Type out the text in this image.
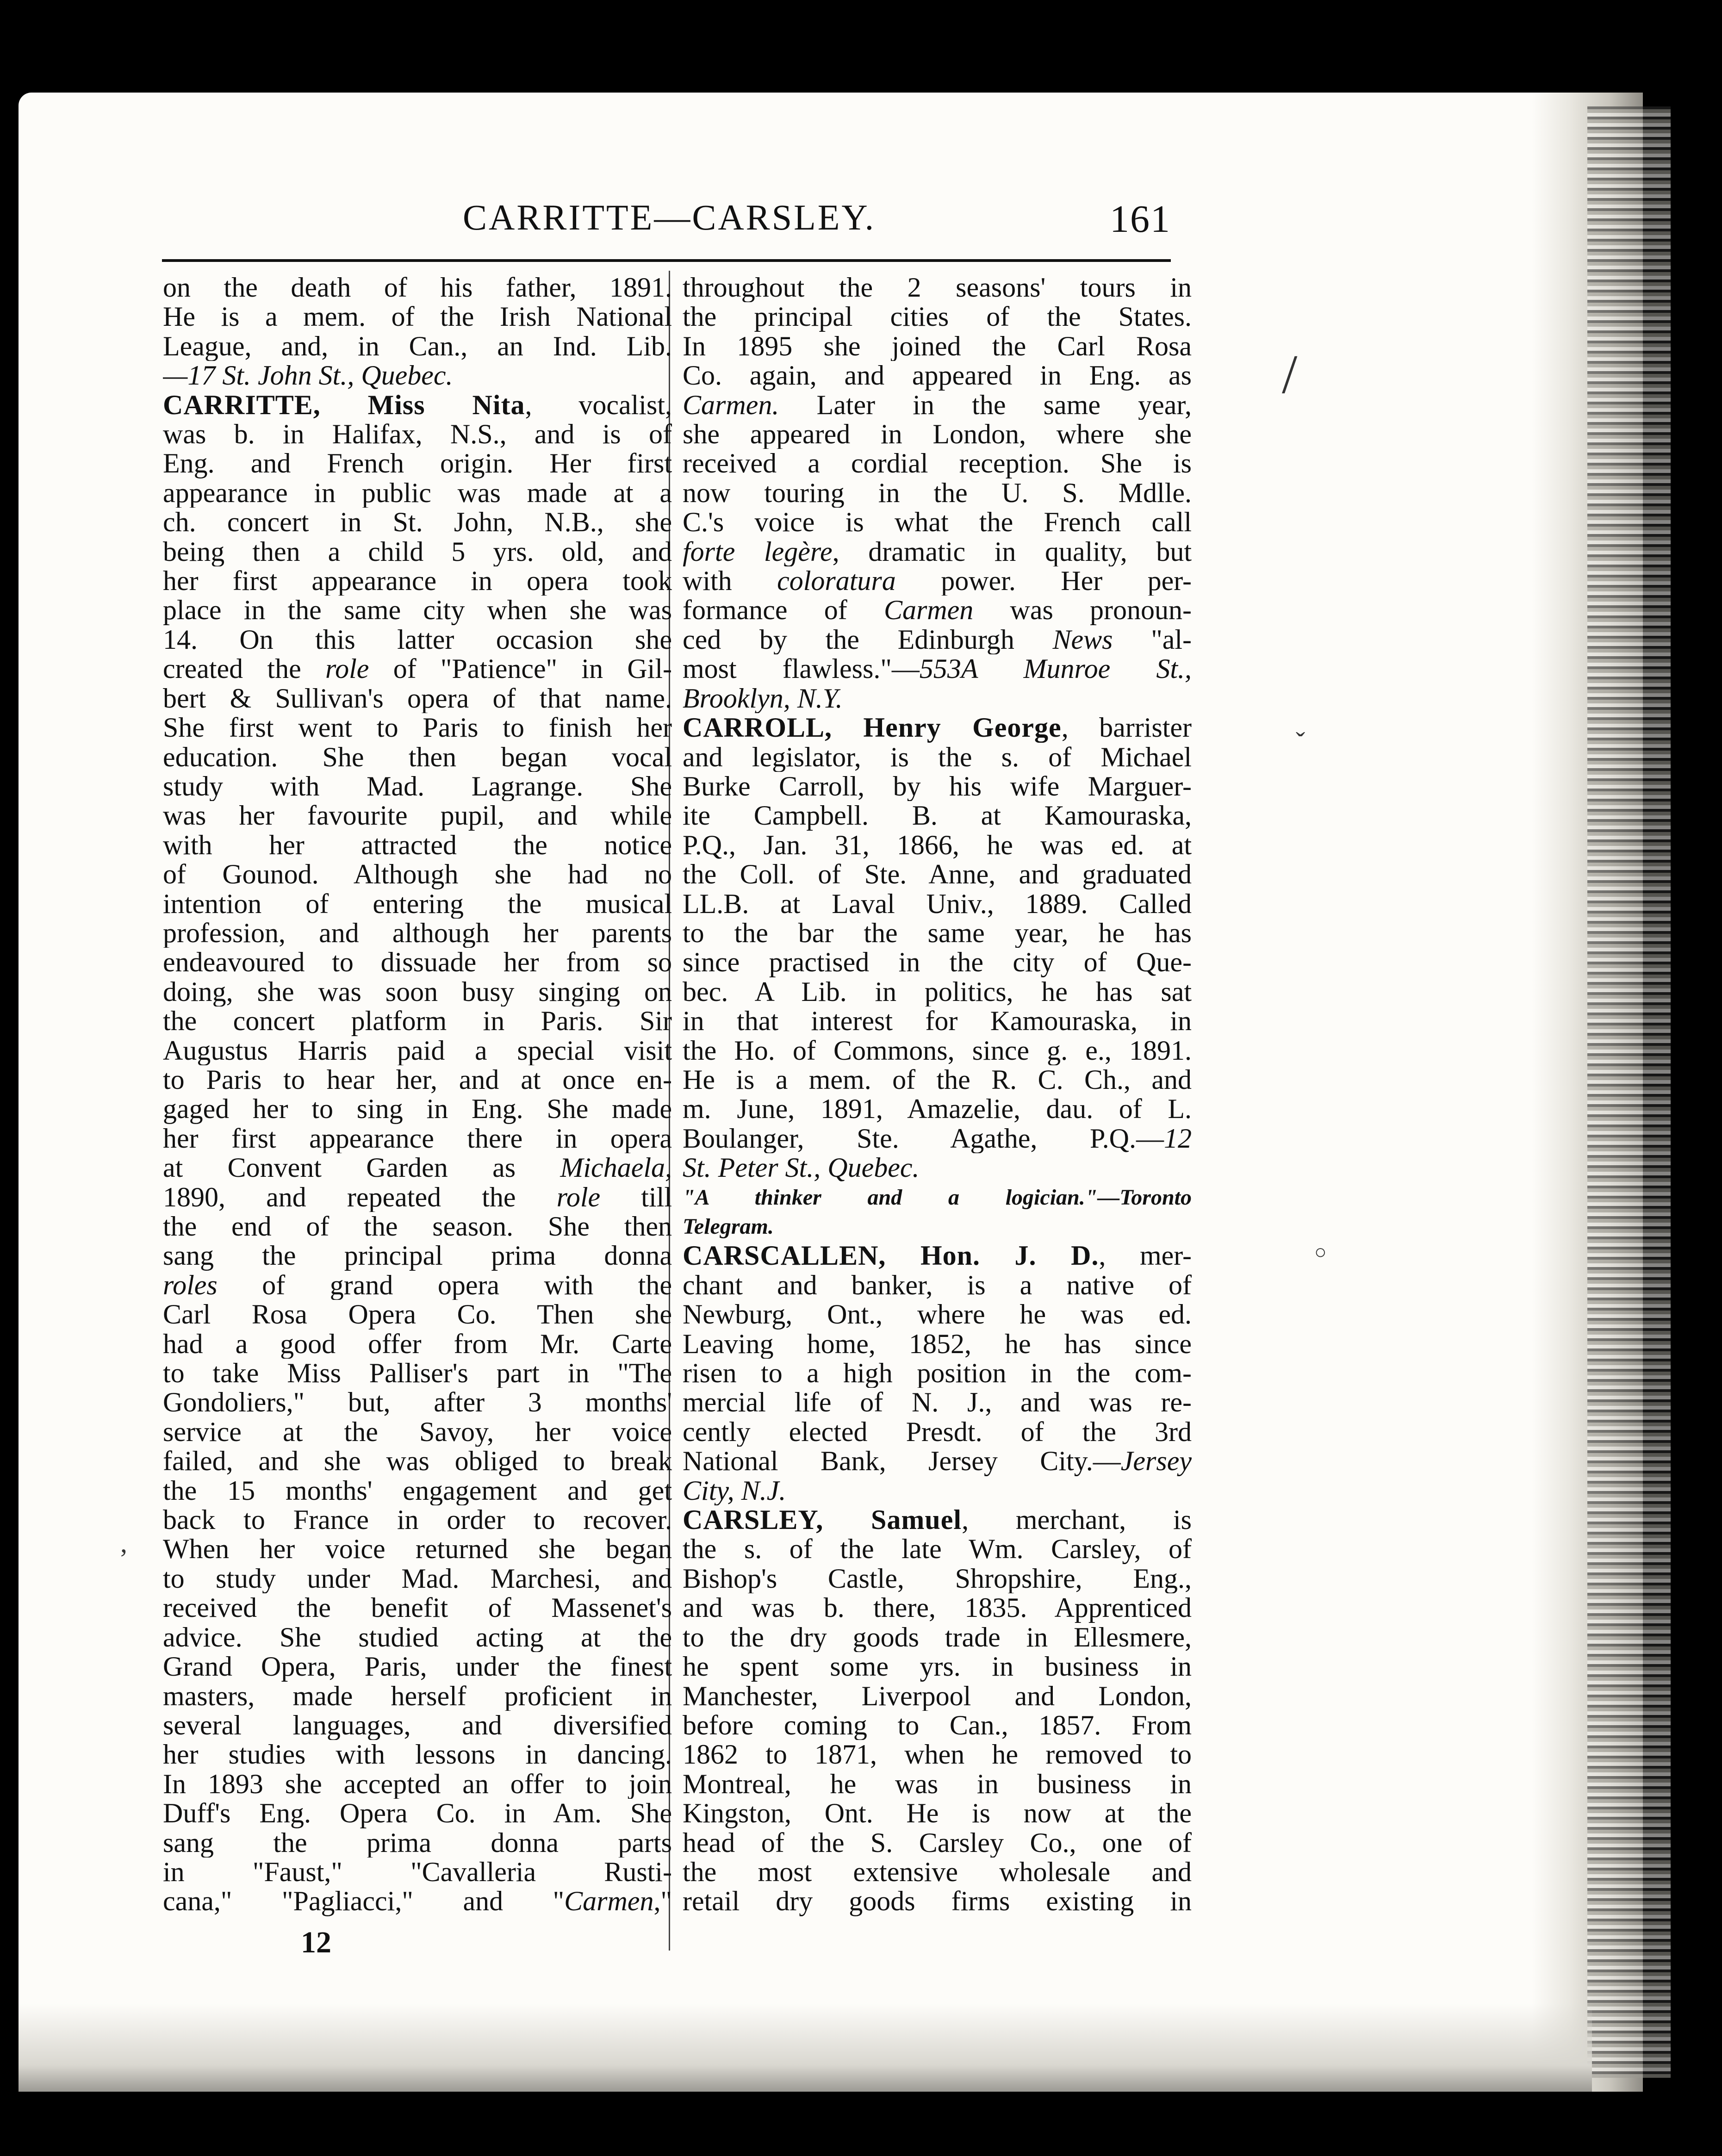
CARRITTE—CARSLEY.	161
on the death of his father, 1891.
He is a mem. of the Irish National
League, and, in Can., an Ind. Lib.
—17 St. John St., Quebec.
CARRITTE, Miss Nita, vocalist,
was b. in Halifax, N.S., and is of
Eng. and French origin. Her first
appearance in public was made at a
ch. concert in St. John, N.B., she
being then a child 5 yrs. old, and
her first appearance in opera took
place in the same city when she was
14. On this latter occasion she
created the role of "Patience" in Gil-
bert & Sullivan's opera of that name.
She first went to Paris to finish her
education. She then began vocal
study with Mad. Lagrange. She
was her favourite pupil, and while
with her attracted the notice
of Gounod. Although she had no
intention of entering the musical
profession, and although her parents
endeavoured to dissuade her from so
doing, she was soon busy singing on
the concert platform in Paris. Sir
Augustus Harris paid a special visit
to Paris to hear her, and at once en-
gaged her to sing in Eng. She made
her first appearance there in opera
at Convent Garden as Michaela,
1890, and repeated the role till
the end of the season. She then
sang the principal prima donna
roles of grand opera with the
Carl Rosa Opera Co. Then she
had a good offer from Mr. Carte
to take Miss Palliser's part in "The
Gondoliers," but, after 3 months'
service at the Savoy, her voice
failed, and she was obliged to break
the 15 months' engagement and get
back to France in order to recover.
When her voice returned she began
to study under Mad. Marchesi, and
received the benefit of Massenet's
advice. She studied acting at the
Grand Opera, Paris, under the finest
masters, made herself proficient in
several languages, and diversified
her studies with lessons in dancing.
In 1893 she accepted an offer to join
Duff's Eng. Opera Co. in Am. She
sang the prima donna parts
in "Faust," "Cavalleria Rusti-
cana," "Pagliacci," and "Carmen,"
throughout the 2 seasons' tours in
the principal cities of the States.
In 1895 she joined the Carl Rosa
Co. again, and appeared in Eng. as
Carmen. Later in the same year,
she appeared in London, where she
received a cordial reception. She is
now touring in the U. S. Mdlle.
C.'s voice is what the French call
forte legère, dramatic in quality, but
with coloratura power. Her per-
formance of Carmen was pronoun-
ced by the Edinburgh News "al-
most flawless."—553A Munroe St.,
Brooklyn, N.Y.
CARROLL, Henry George, barrister
and legislator, is the s. of Michael
Burke Carroll, by his wife Marguer-
ite Campbell. B. at Kamouraska,
P.Q., Jan. 31, 1866, he was ed. at
the Coll. of Ste. Anne, and graduated
LL.B. at Laval Univ., 1889. Called
to the bar the same year, he has
since practised in the city of Que-
bec. A Lib. in politics, he has sat
in that interest for Kamouraska, in
the Ho. of Commons, since g. e., 1891.
He is a mem. of the R. C. Ch., and
m. June, 1891, Amazelie, dau. of L.
Boulanger, Ste. Agathe, P.Q.—12
St. Peter St., Quebec.
"A thinker and a logician."—Toronto
Telegram.
CARSCALLEN, Hon. J. D., mer-
chant and banker, is a native of
Newburg, Ont., where he was ed.
Leaving home, 1852, he has since
risen to a high position in the com-
mercial life of N. J., and was re-
cently elected Presdt. of the 3rd
National Bank, Jersey City.—Jersey
City, N.J.
CARSLEY, Samuel, merchant, is
the s. of the late Wm. Carsley, of
Bishop's Castle, Shropshire, Eng.,
and was b. there, 1835. Apprenticed
to the dry goods trade in Ellesmere,
he spent some yrs. in business in
Manchester, Liverpool and London,
before coming to Can., 1857. From
1862 to 1871, when he removed to
Montreal, he was in business in
Kingston, Ont. He is now at the
head of the S. Carsley Co., one of
the most extensive wholesale and
retail dry goods firms existing in
12
/
ˇ
○
,
